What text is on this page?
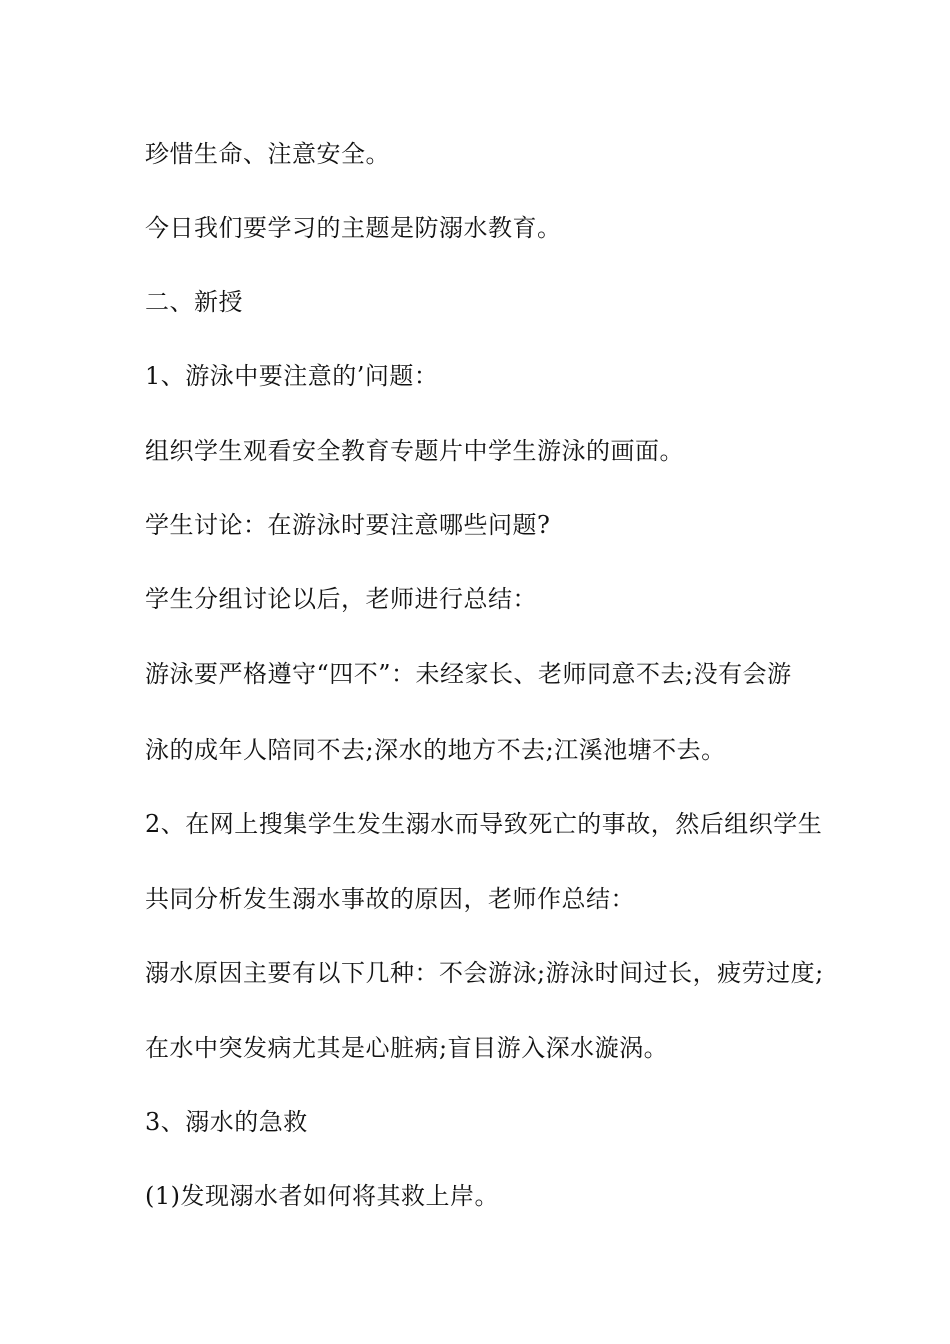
珍惜生命、注意安全。

今日我们要学习的主题是防溺水教育。

二、新授

1、游泳中要注意的’问题：

组织学生观看安全教育专题片中学生游泳的画面。

学生讨论：在游泳时要注意哪些问题?

学生分组讨论以后，老师进行总结：

游泳要严格遵守“四不”：未经家长、老师同意不去;没有会游

泳的成年人陪同不去;深水的地方不去;江溪池塘不去。

2、在网上搜集学生发生溺水而导致死亡的事故，然后组织学生

共同分析发生溺水事故的原因，老师作总结：

溺水原因主要有以下几种：不会游泳;游泳时间过长，疲劳过度;

在水中突发病尤其是心脏病;盲目游入深水漩涡。

3、溺水的急救

(1)发现溺水者如何将其救上岸。
